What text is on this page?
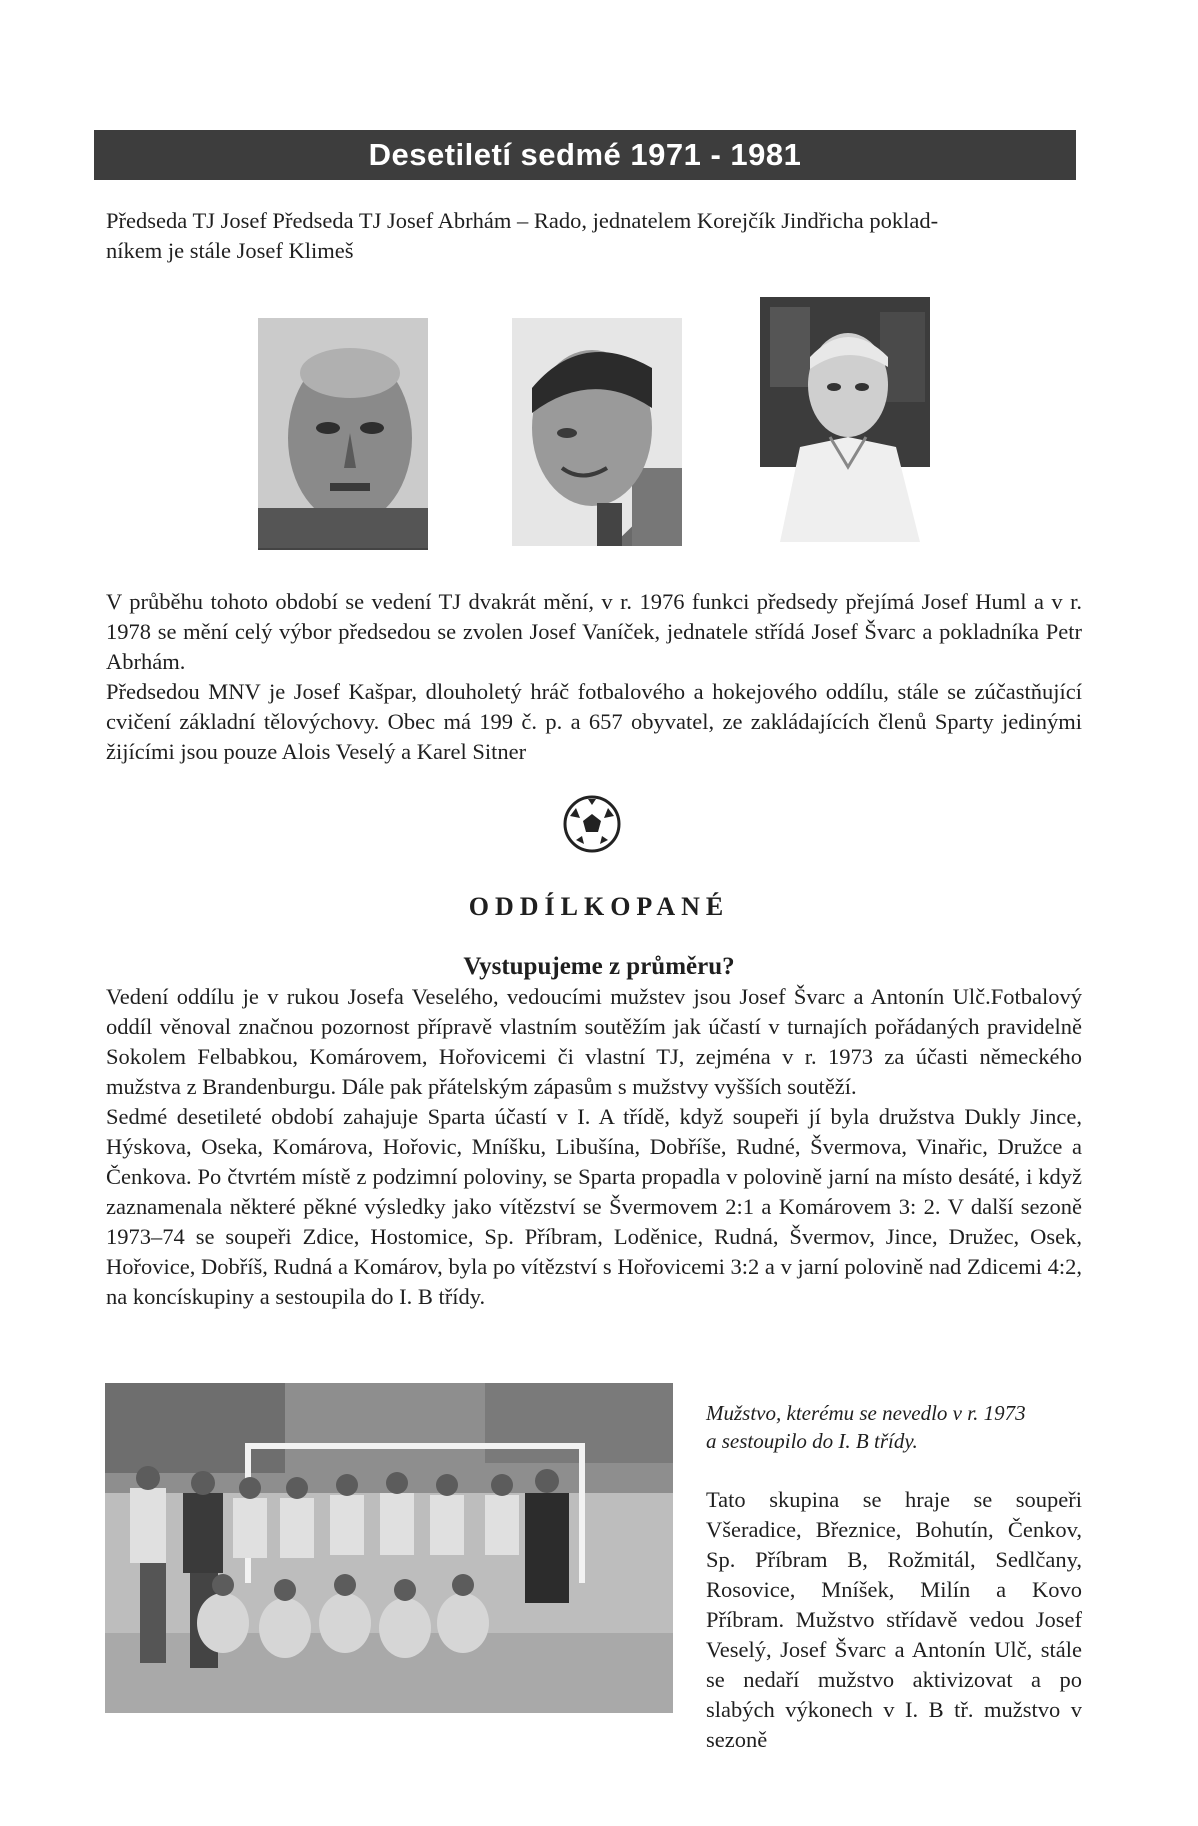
Desetiletí sedmé 1971 - 1981
Předseda TJ Josef Předseda TJ Josef Abrhám – Rado, jednatelem Korejčík Jindřicha poklad-
níkem je stále Josef Klimeš
V průběhu tohoto období se vedení TJ dvakrát mění, v r. 1976 funkci předsedy přejímá Josef Huml a v r. 1978 se mění celý výbor předsedou se zvolen Josef Vaníček, jednatele střídá Josef Švarc a pokladníka Petr Abrhám.
Předsedou MNV je Josef Kašpar, dlouholetý hráč fotbalového a hokejového oddílu, stále se zúčastňující cvičení základní tělovýchovy. Obec má 199 č. p. a 657 obyvatel, ze zakládajících členů Sparty jedinými žijícími jsou pouze Alois Veselý a Karel Sitner
ODDÍLKOPANÉ
Vystupujeme z průměru?
Vedení oddílu je v rukou Josefa Veselého, vedoucími mužstev jsou Josef Švarc a Antonín Ulč.Fotbalový oddíl věnoval značnou pozornost přípravě vlastním soutěžím jak účastí v turnajích pořádaných pravidelně Sokolem Felbabkou, Komárovem, Hořovicemi či vlastní TJ, zejména v r. 1973 za účasti německého mužstva z Brandenburgu. Dále pak přátelským zápasům s mužstvy vyšších soutěží.
Sedmé desetileté období zahajuje Sparta účastí v I. A třídě, když soupeři jí byla družstva Dukly Jince, Hýskova, Oseka, Komárova, Hořovic, Mníšku, Libušína, Dobříše, Rudné, Švermova, Vinařic, Družce a Čenkova. Po čtvrtém místě z podzimní poloviny, se Sparta propadla v polovině jarní na místo desáté, i když zaznamenala některé pěkné výsledky jako vítězství se Švermovem 2:1 a Komárovem 3: 2. V další sezoně 1973–74 se soupeři Zdice, Hostomice, Sp. Příbram, Loděnice, Rudná, Švermov, Jince, Družec, Osek, Hořovice, Dobříš, Rudná a Komárov, byla po vítězství s Hořovicemi 3:2 a v jarní polovině nad Zdicemi 4:2, na koncískupiny a sestoupila do I. B třídy.
Mužstvo, kterému se nevedlo v r. 1973
a sestoupilo do I. B třídy.
Tato skupina se hraje se soupeři Všeradice, Březnice, Bohutín, Čenkov, Sp. Příbram B, Rožmitál, Sedlčany, Rosovice, Mníšek, Milín a Kovo Příbram. Mužstvo střídavě vedou Josef Veselý, Josef Švarc a Antonín Ulč, stále se nedaří mužstvo aktivizovat a po slabých výkonech v I. B tř. mužstvo v sezoně
